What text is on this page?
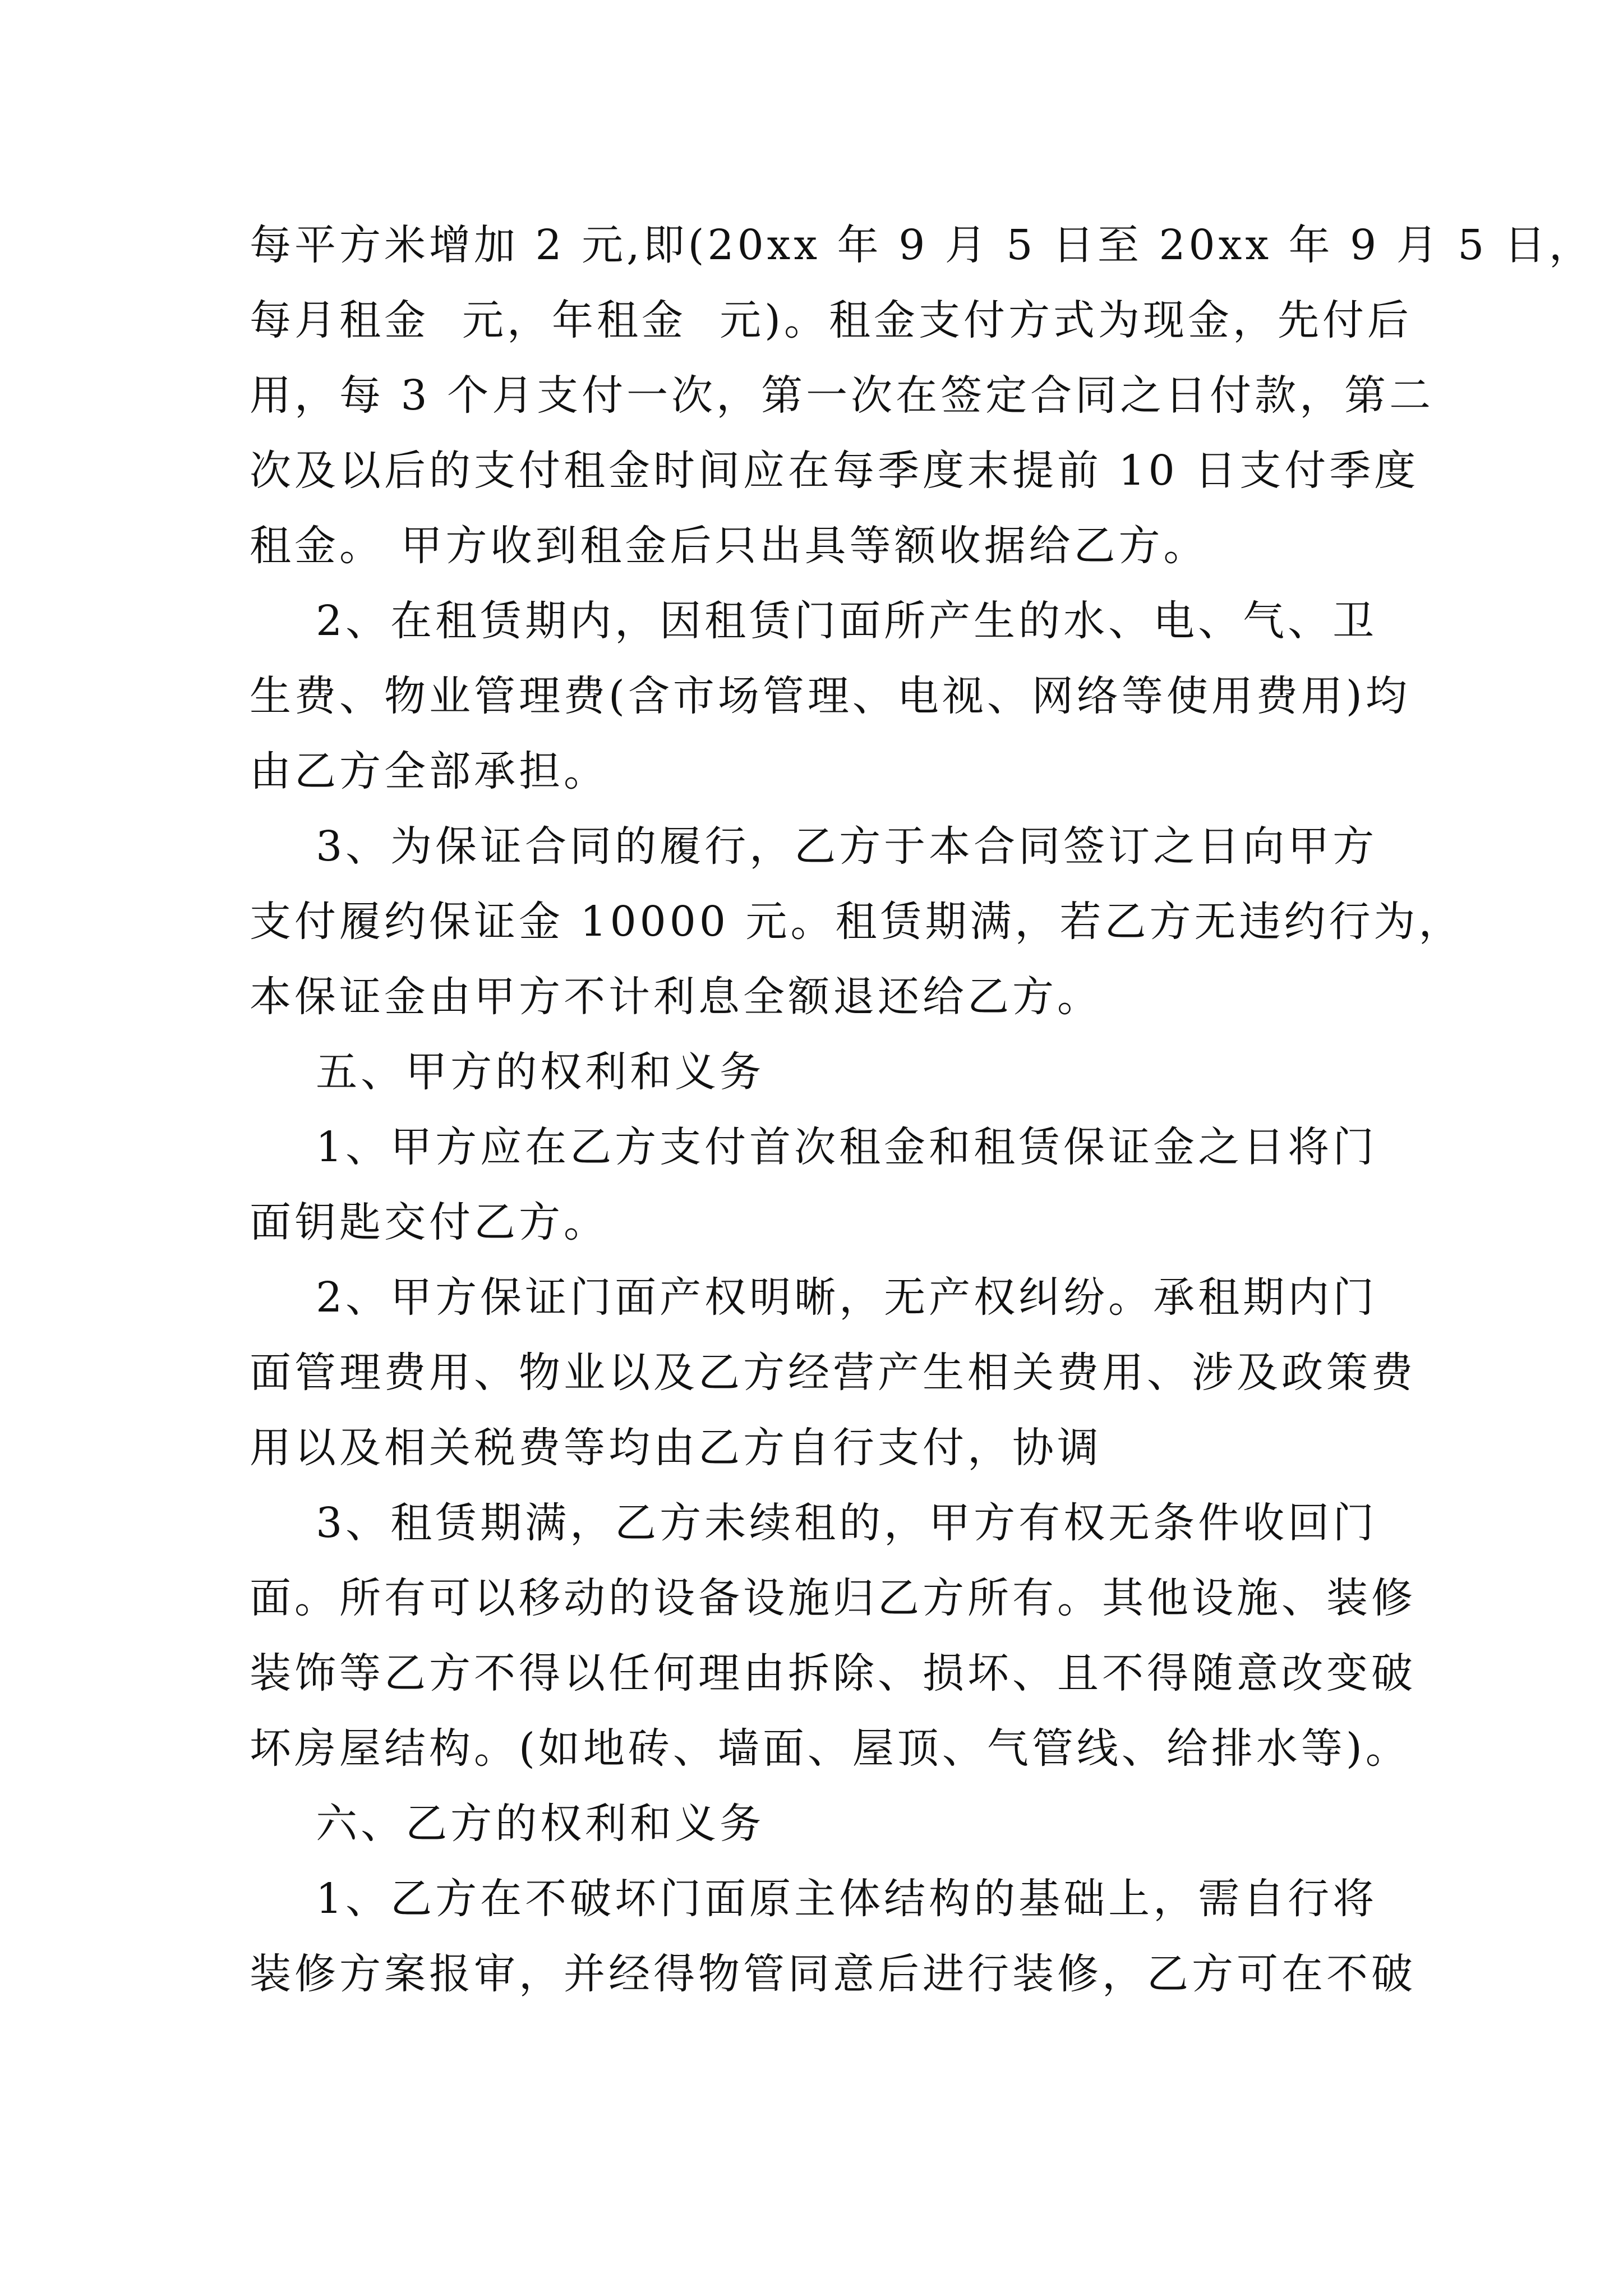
每平方米增加 2 元,即(20xx 年 9 月 5 日至 20xx 年 9 月 5 日，
每月租金  元，年租金  元)。租金支付方式为现金，先付后
用，每 3 个月支付一次，第一次在签定合同之日付款，第二
次及以后的支付租金时间应在每季度末提前 10 日支付季度
租金。 甲方收到租金后只出具等额收据给乙方。
2、在租赁期内，因租赁门面所产生的水、电、气、卫
生费、物业管理费(含市场管理、电视、网络等使用费用)均
由乙方全部承担。
3、为保证合同的履行，乙方于本合同签订之日向甲方
支付履约保证金 10000 元。租赁期满，若乙方无违约行为，
本保证金由甲方不计利息全额退还给乙方。
五、甲方的权利和义务
1、甲方应在乙方支付首次租金和租赁保证金之日将门
面钥匙交付乙方。
2、甲方保证门面产权明晰，无产权纠纷。承租期内门
面管理费用、物业以及乙方经营产生相关费用、涉及政策费
用以及相关税费等均由乙方自行支付，协调
3、租赁期满，乙方未续租的，甲方有权无条件收回门
面。所有可以移动的设备设施归乙方所有。其他设施、装修
装饰等乙方不得以任何理由拆除、损坏、且不得随意改变破
坏房屋结构。(如地砖、墙面、屋顶、气管线、给排水等)。
六、乙方的权利和义务
1、乙方在不破坏门面原主体结构的基础上，需自行将
装修方案报审，并经得物管同意后进行装修，乙方可在不破
